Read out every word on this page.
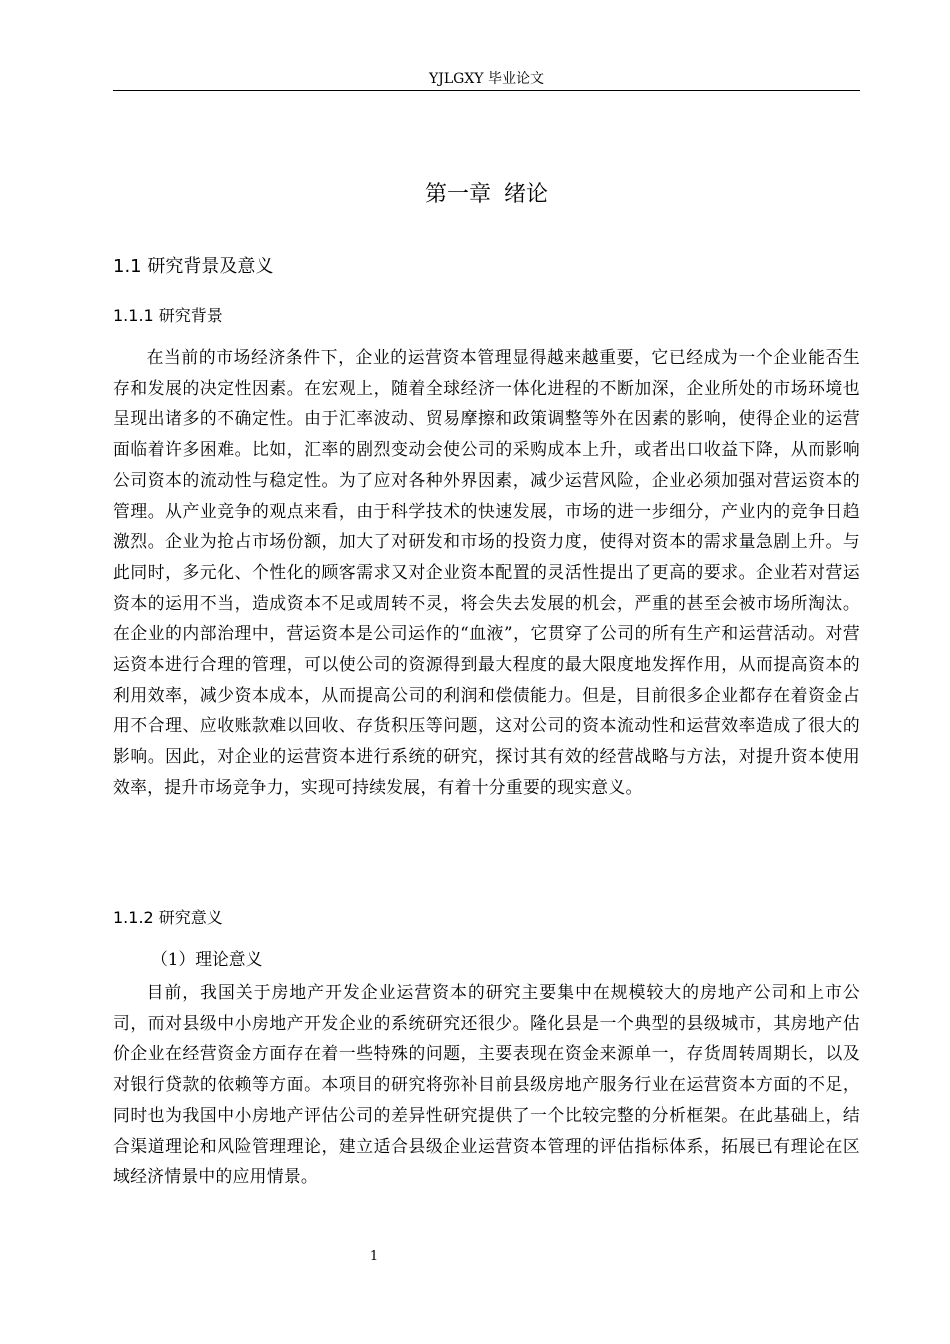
YJLGXY 毕业论文
第一章 绪论
1.1 研究背景及意义
1.1.1 研究背景

在当前的市场经济条件下，企业的运营资本管理显得越来越重要，它已经成为一个企业能否生存和发展的决定性因素。在宏观上，随着全球经济一体化进程的不断加深，企业所处的市场环境也呈现出诸多的不确定性。由于汇率波动、贸易摩擦和政策调整等外在因素的影响，使得企业的运营面临着许多困难。比如，汇率的剧烈变动会使公司的采购成本上升，或者出口收益下降，从而影响公司资本的流动性与稳定性。为了应对各种外界因素，减少运营风险，企业必须加强对营运资本的管理。从产业竞争的观点来看，由于科学技术的快速发展，市场的进一步细分，产业内的竞争日趋激烈。企业为抢占市场份额，加大了对研发和市场的投资力度，使得对资本的需求量急剧上升。与此同时，多元化、个性化的顾客需求又对企业资本配置的灵活性提出了更高的要求。企业若对营运资本的运用不当，造成资本不足或周转不灵，将会失去发展的机会，严重的甚至会被市场所淘汰。在企业的内部治理中，营运资本是公司运作的“血液”，它贯穿了公司的所有生产和运营活动。对营运资本进行合理的管理，可以使公司的资源得到最大程度的最大限度地发挥作用，从而提高资本的利用效率，减少资本成本，从而提高公司的利润和偿债能力。但是，目前很多企业都存在着资金占用不合理、应收账款难以回收、存货积压等问题，这对公司的资本流动性和运营效率造成了很大的影响。因此，对企业的运营资本进行系统的研究，探讨其有效的经营战略与方法，对提升资本使用效率，提升市场竞争力，实现可持续发展，有着十分重要的现实意义。

1.1.2 研究意义
（1）理论意义

目前，我国关于房地产开发企业运营资本的研究主要集中在规模较大的房地产公司和上市公司，而对县级中小房地产开发企业的系统研究还很少。隆化县是一个典型的县级城市，其房地产估价企业在经营资金方面存在着一些特殊的问题，主要表现在资金来源单一，存货周转周期长，以及对银行贷款的依赖等方面。本项目的研究将弥补目前县级房地产服务行业在运营资本方面的不足，同时也为我国中小房地产评估公司的差异性研究提供了一个比较完整的分析框架。在此基础上，结合渠道理论和风险管理理论，建立适合县级企业运营资本管理的评估指标体系，拓展已有理论在区域经济情景中的应用情景。

1
